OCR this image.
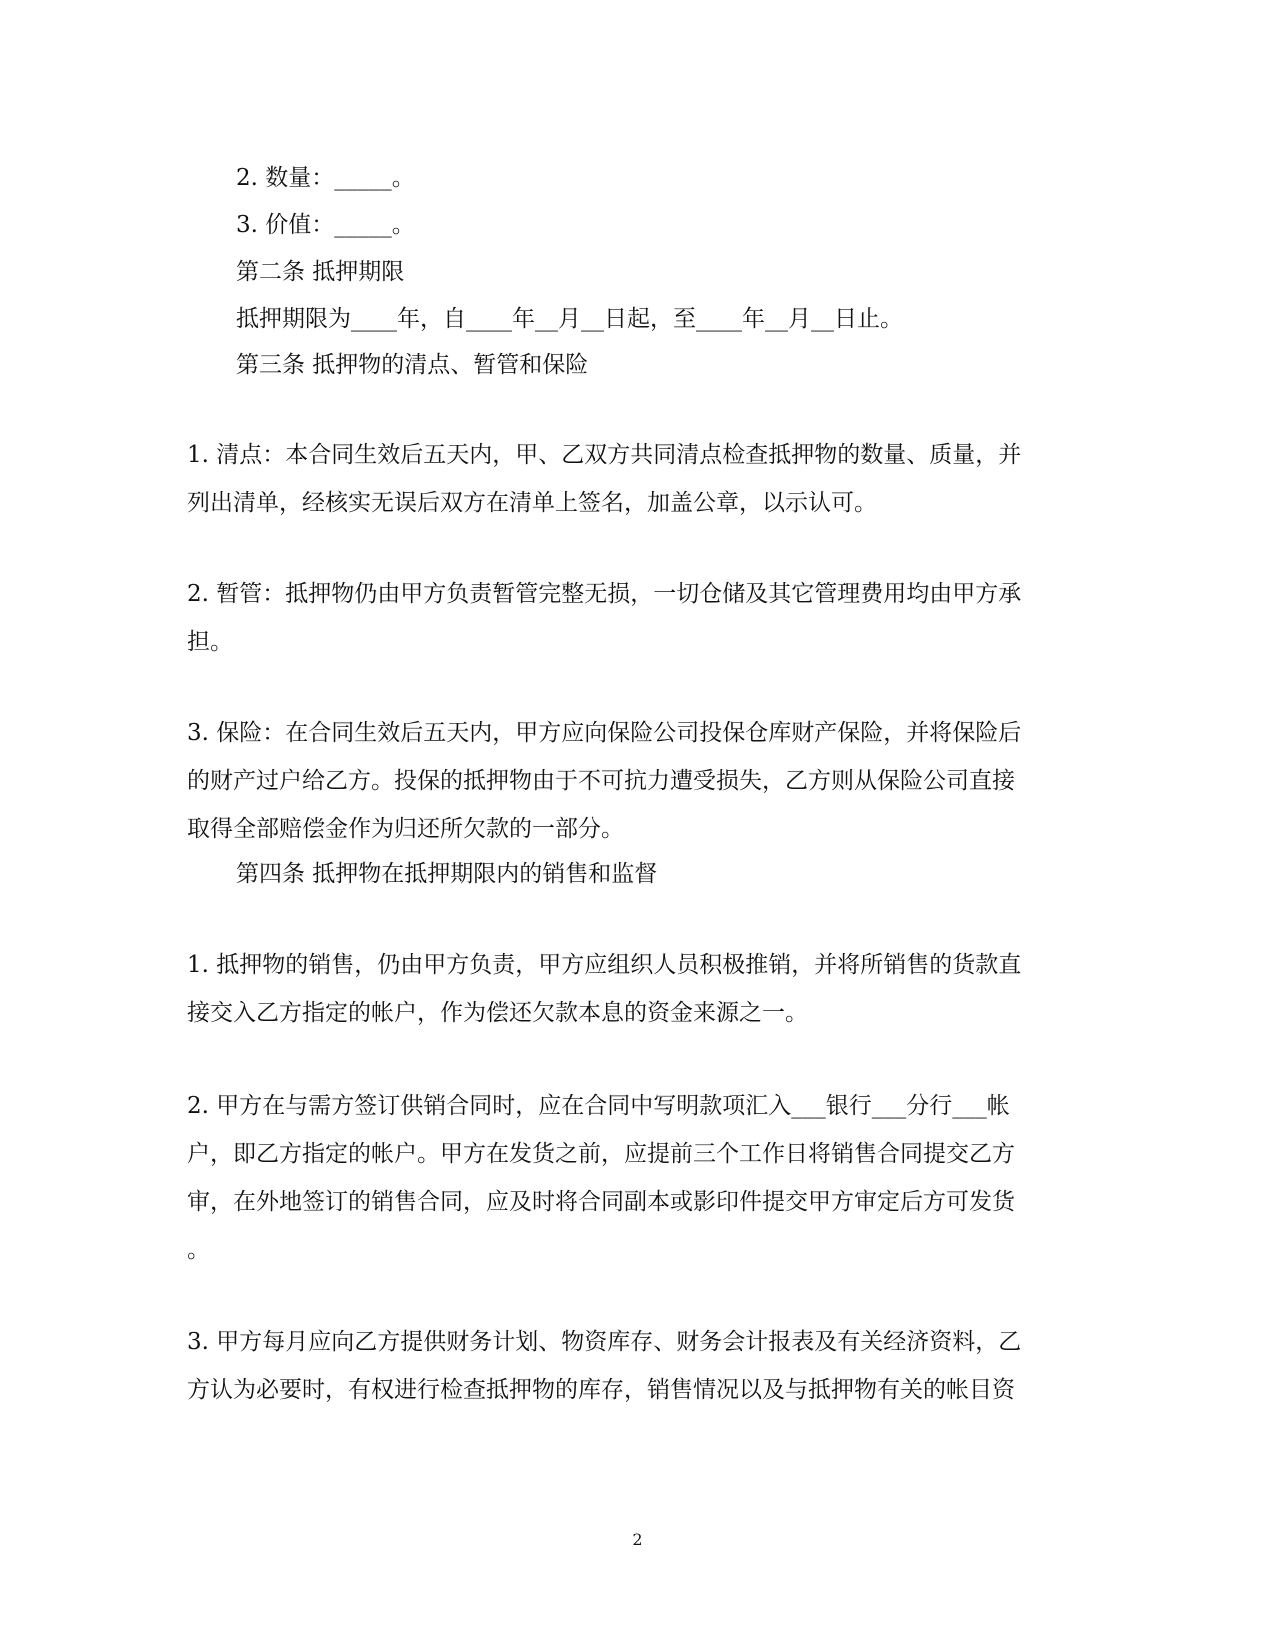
2. 数量：_____。
3. 价值：_____。
第二条 抵押期限
抵押期限为____年，自____年__月__日起，至____年__月__日止。
第三条 抵押物的清点、暂管和保险
1. 清点：本合同生效后五天内，甲、乙双方共同清点检查抵押物的数量、质量，并
列出清单，经核实无误后双方在清单上签名，加盖公章，以示认可。
2. 暂管：抵押物仍由甲方负责暂管完整无损，一切仓储及其它管理费用均由甲方承
担。
3. 保险：在合同生效后五天内，甲方应向保险公司投保仓库财产保险，并将保险后
的财产过户给乙方。投保的抵押物由于不可抗力遭受损失，乙方则从保险公司直接
取得全部赔偿金作为归还所欠款的一部分。
第四条 抵押物在抵押期限内的销售和监督
1. 抵押物的销售，仍由甲方负责，甲方应组织人员积极推销，并将所销售的货款直
接交入乙方指定的帐户，作为偿还欠款本息的资金来源之一。
2. 甲方在与需方签订供销合同时，应在合同中写明款项汇入___银行___分行___帐
户，即乙方指定的帐户。甲方在发货之前，应提前三个工作日将销售合同提交乙方
审，在外地签订的销售合同，应及时将合同副本或影印件提交甲方审定后方可发货
。
3. 甲方每月应向乙方提供财务计划、物资库存、财务会计报表及有关经济资料，乙
方认为必要时，有权进行检查抵押物的库存，销售情况以及与抵押物有关的帐目资
2
